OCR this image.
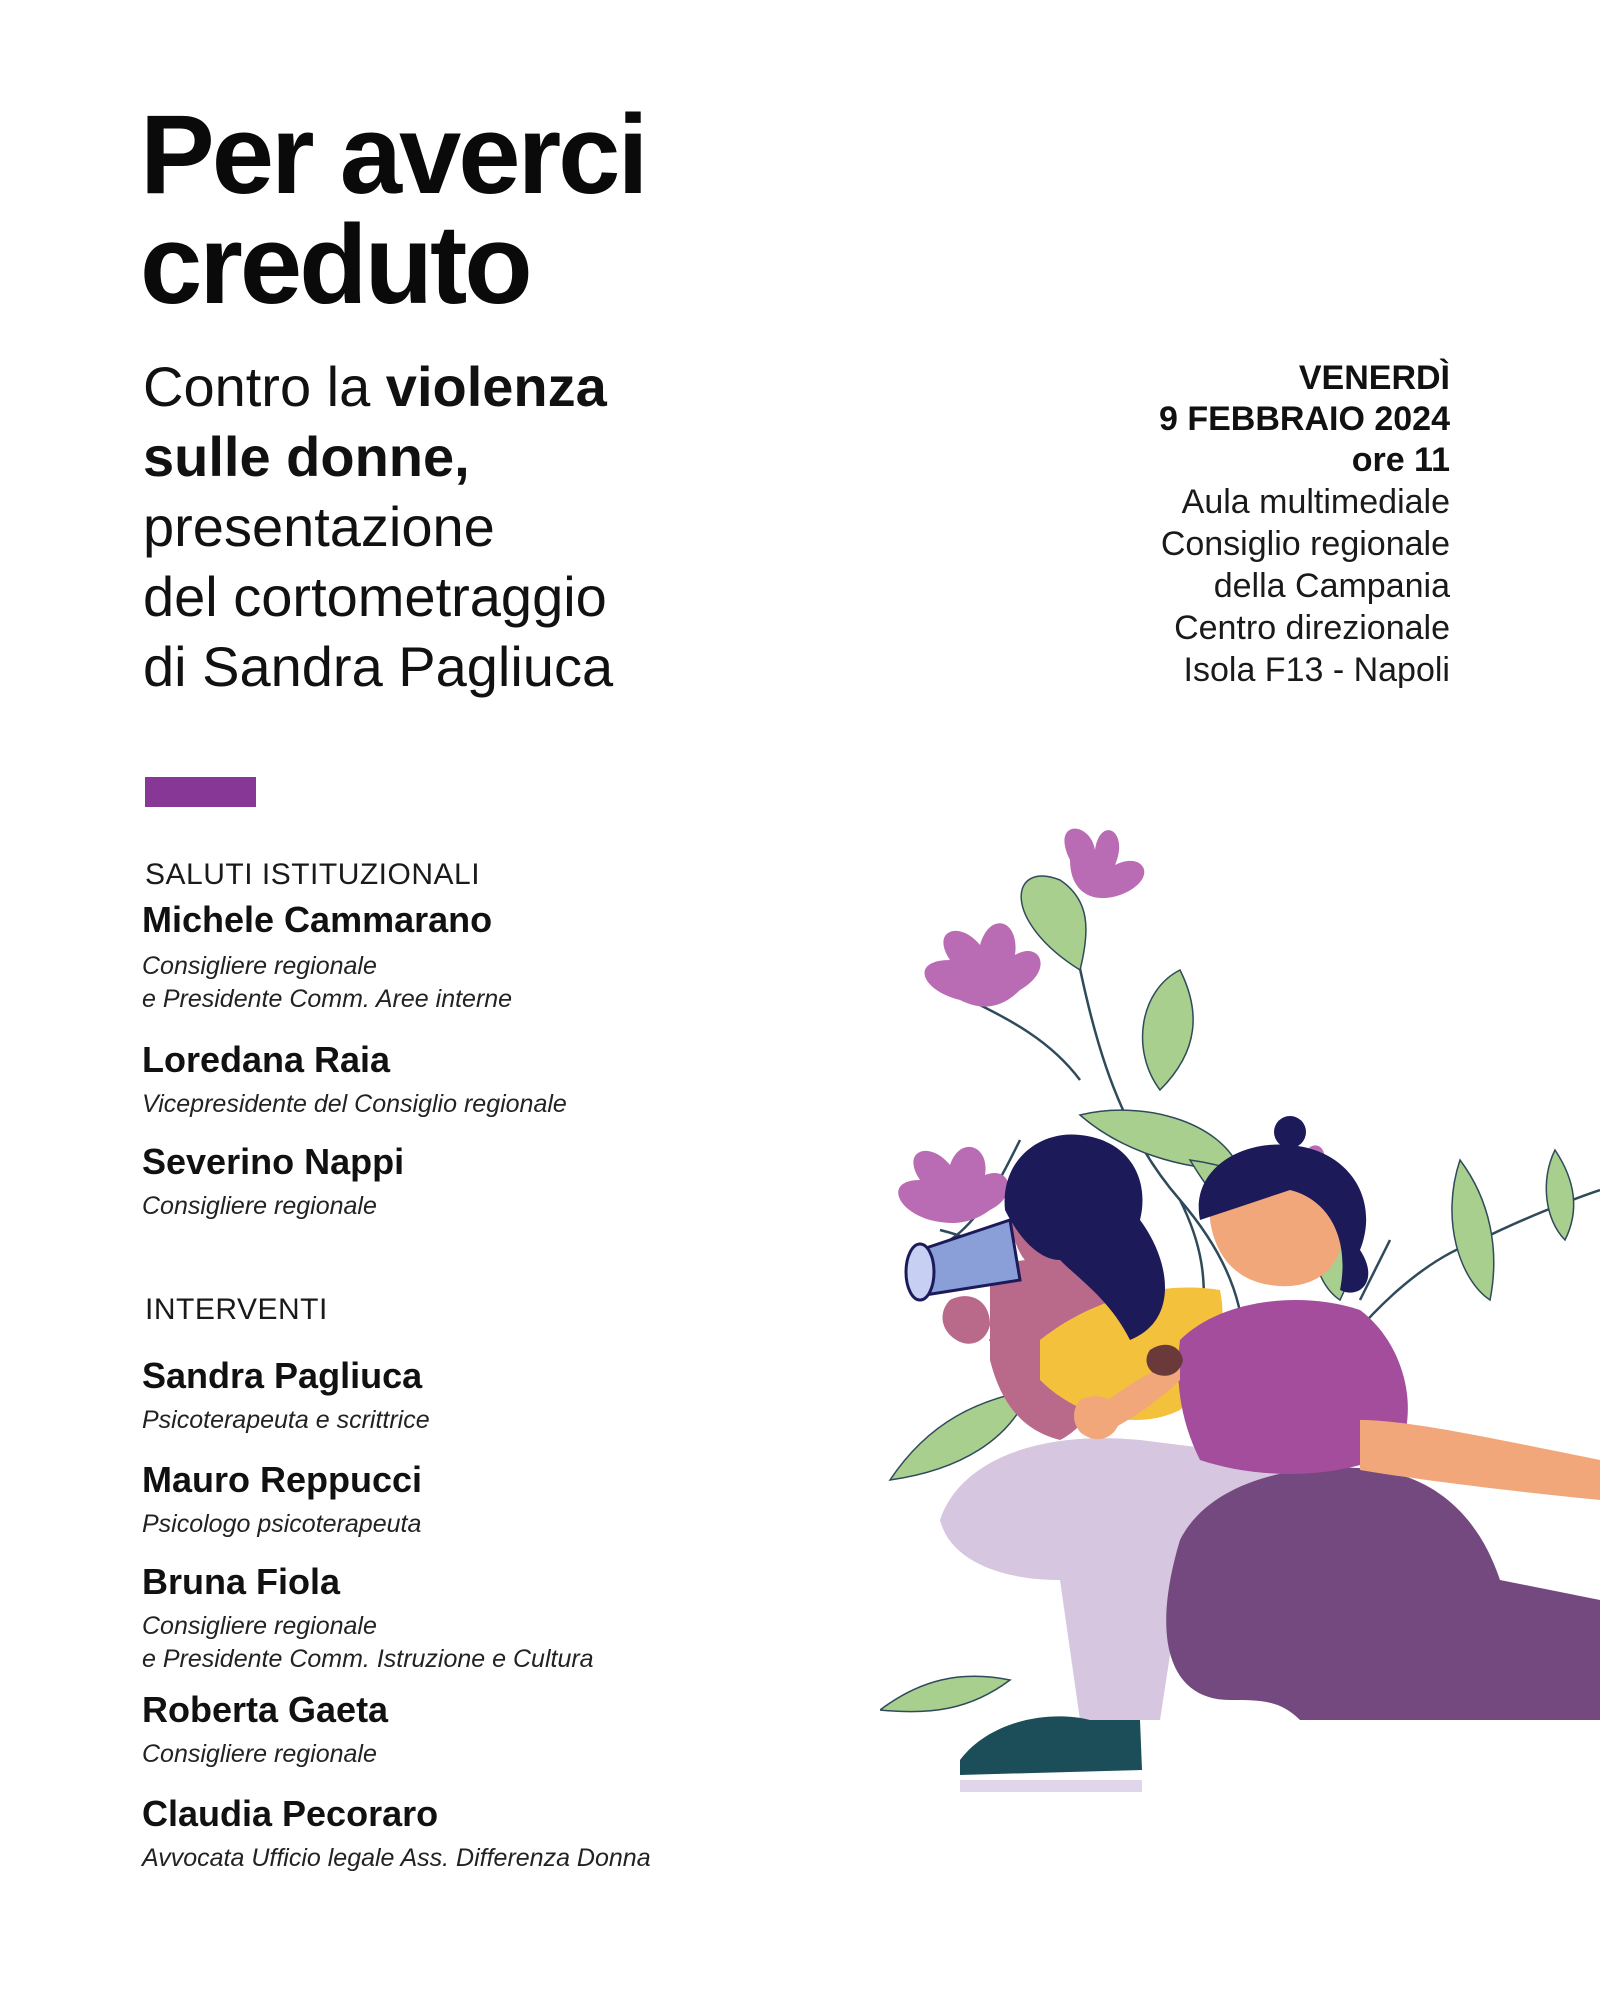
Per averci
creduto
Contro la violenza
sulle donne,
presentazione
del cortometraggio
di Sandra Pagliuca
VENERDÌ
9 FEBBRAIO 2024
ore 11
Aula multimediale
Consiglio regionale
della Campania
Centro direzionale
Isola F13 - Napoli
SALUTI ISTITUZIONALI
Michele Cammarano
Consigliere regionale
e Presidente Comm. Aree interne
Loredana Raia
Vicepresidente del Consiglio regionale
Severino Nappi
Consigliere regionale
INTERVENTI
Sandra Pagliuca
Psicoterapeuta e scrittrice
Mauro Reppucci
Psicologo psicoterapeuta
Bruna Fiola
Consigliere regionale
e Presidente Comm. Istruzione e Cultura
Roberta Gaeta
Consigliere regionale
Claudia Pecoraro
Avvocata Ufficio legale Ass. Differenza Donna
